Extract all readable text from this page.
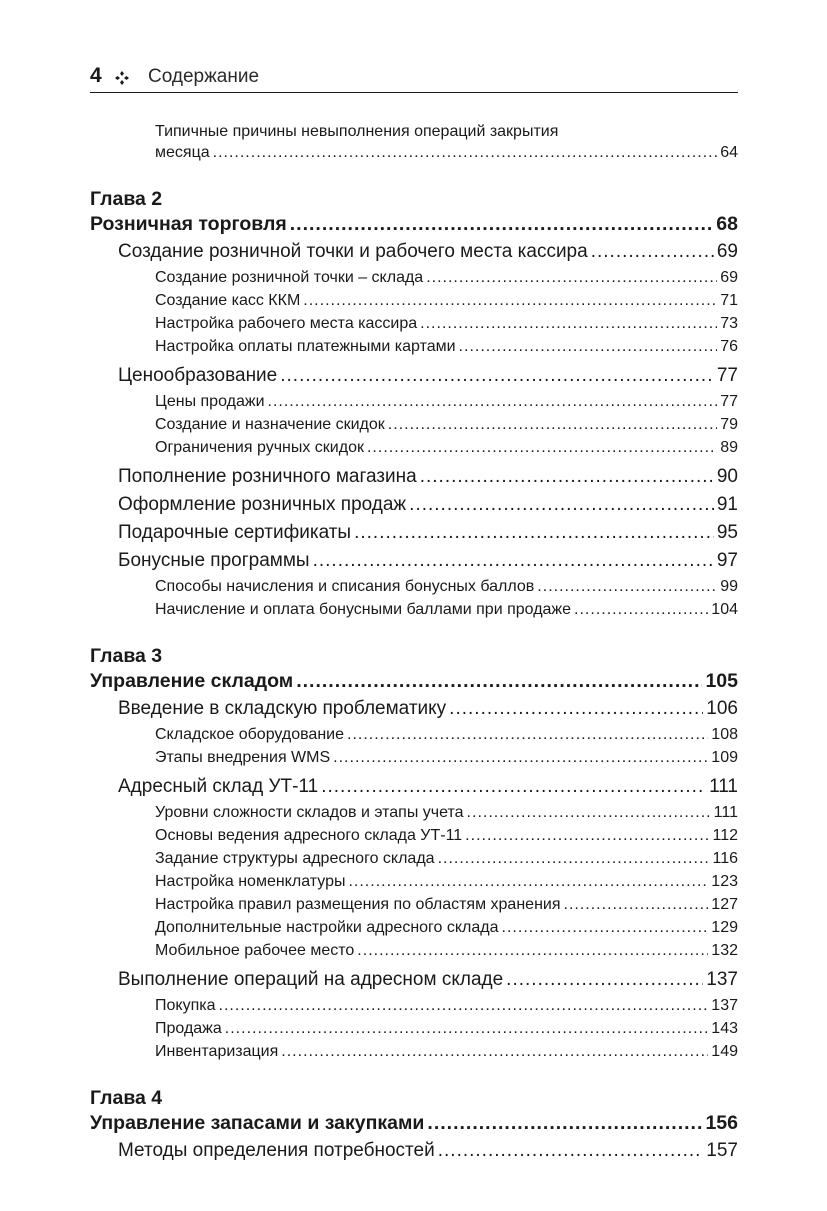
4 Содержание
Типичные причины невыполнения операций закрытия
месяца .....	64
Глава 2
Розничная торговля .....	68
Создание розничной точки и рабочего места кассира .....	69
Создание розничной точки – склада .....	69
Создание касс ККМ .....	71
Настройка рабочего места кассира .....	73
Настройка оплаты платежными картами .....	76
Ценообразование .....	77
Цены продажи .....	77
Создание и назначение скидок .....	79
Ограничения ручных скидок .....	89
Пополнение розничного магазина .....	90
Оформление розничных продаж .....	91
Подарочные сертификаты .....	95
Бонусные программы .....	97
Способы начисления и списания бонусных баллов .....	99
Начисление и оплата бонусными баллами при продаже .....	104
Глава 3
Управление складом .....	105
Введение в складскую проблематику .....	106
Складское оборудование .....	108
Этапы внедрения WMS .....	109
Адресный склад УТ-11 .....	111
Уровни сложности складов и этапы учета .....	111
Основы ведения адресного склада УТ-11 .....	112
Задание структуры адресного склада .....	116
Настройка номенклатуры .....	123
Настройка правил размещения по областям хранения .....	127
Дополнительные настройки адресного склада .....	129
Мобильное рабочее место .....	132
Выполнение операций на адресном складе .....	137
Покупка .....	137
Продажа .....	143
Инвентаризация .....	149
Глава 4
Управление запасами и закупками .....	156
Методы определения потребностей .....	157
